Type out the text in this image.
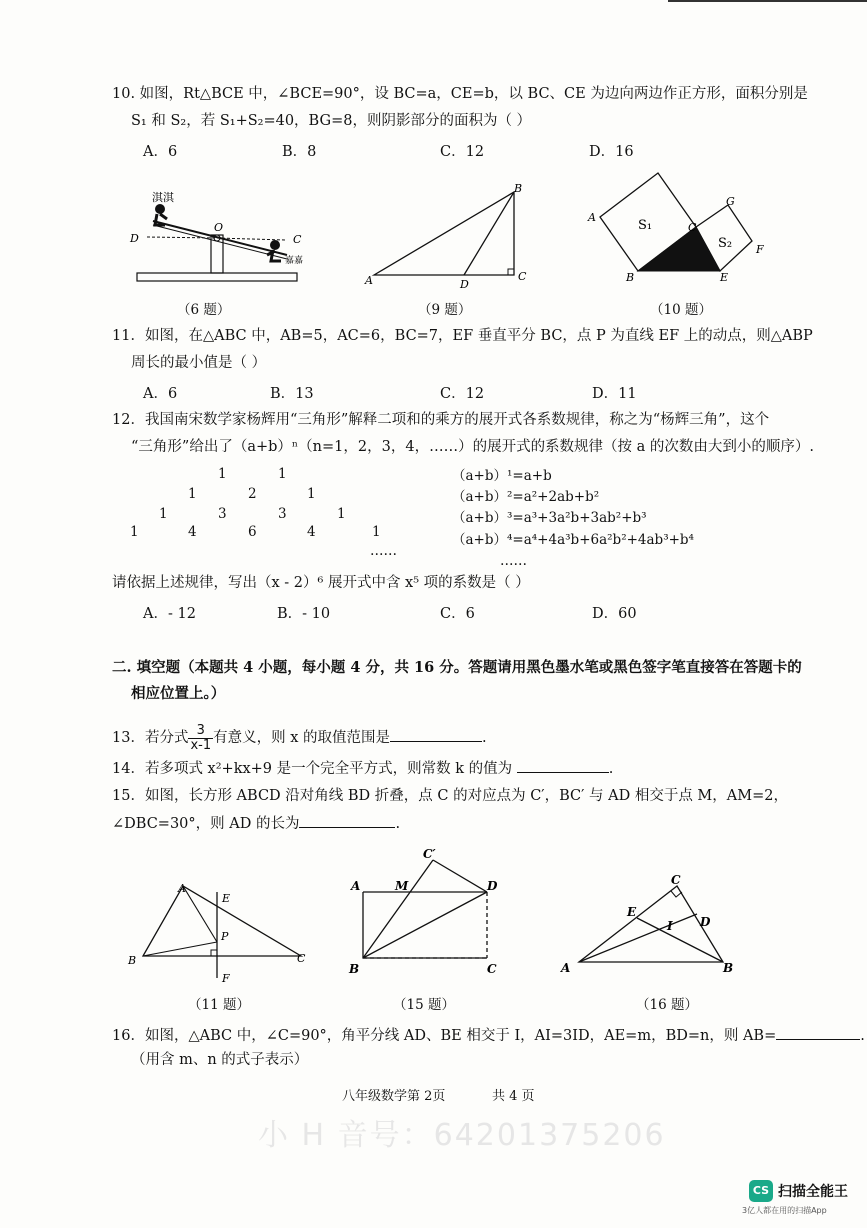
10. 如图，Rt△BCE 中，∠BCE=90°，设 BC=a，CE=b，以 BC、CE 为边向两边作正方形，面积分别是
S₁ 和 S₂，若 S₁+S₂=40，BG=8，则阴影部分的面积为（ ）
A．6	B．8	C．12	D．16
淇淇
D
O
C
嘉嘉
（6 题）
B
A	D
C
（9 题）
A
S₁	C
G
S₂ F
B	E
（10 题）
11．如图，在△ABC 中，AB=5，AC=6，BC=7，EF 垂直平分 BC，点 P 为直线 EF 上的动点，则△ABP
周长的最小值是（ ）
A．6	B．13	C．12	D．11
12．我国南宋数学家杨辉用“三角形”解释二项和的乘方的展开式各系数规律，称之为“杨辉三角”，这个
“三角形”给出了（a+b）ⁿ（n=1，2，3，4，……）的展开式的系数规律（按 a 的次数由大到小的顺序）.
1	1
1	2	1
1	3	3	1
1	4	6	4	1
……
（a+b）¹=a+b
（a+b）²=a²+2ab+b²
（a+b）³=a³+3a²b+3ab²+b³
（a+b）⁴=a⁴+4a³b+6a²b²+4ab³+b⁴
……
请依据上述规律，写出（x - 2）⁶ 展开式中含 x⁵ 项的系数是（ ）
A．- 12	B．- 10	C．6	D．60
二. 填空题（本题共 4 小题，每小题 4 分，共 16 分。答题请用黑色墨水笔或黑色签字笔直接答在答题卡的
相应位置上。）
13．若分式 $\frac{3}{x-1}$ 有意义，则 x 的取值范围是	.
14．若多项式 x²+kx+9 是一个完全平方式，则常数 k 的值为	.
15．如图，长方形 ABCD 沿对角线 BD 折叠，点 C 的对应点为 C′，BC′ 与 AD 相交于点 M，AM=2，
∠DBC=30°，则 AD 的长为	.
A
E
P
B	C
F
（11 题）
C′
A	M	D
B	C
（15 题）
C
E
I D
A	B
（16 题）
16．如图，△ABC 中，∠C=90°，角平分线 AD、BE 相交于 I，AI=3ID，AE=m，BD=n，则 AB=	.
（用含 m、n 的式子表示）
八年级数学第 2页	共 4 页
小 H 音号：64201375206
CS 扫描全能王
3亿人都在用的扫描App
